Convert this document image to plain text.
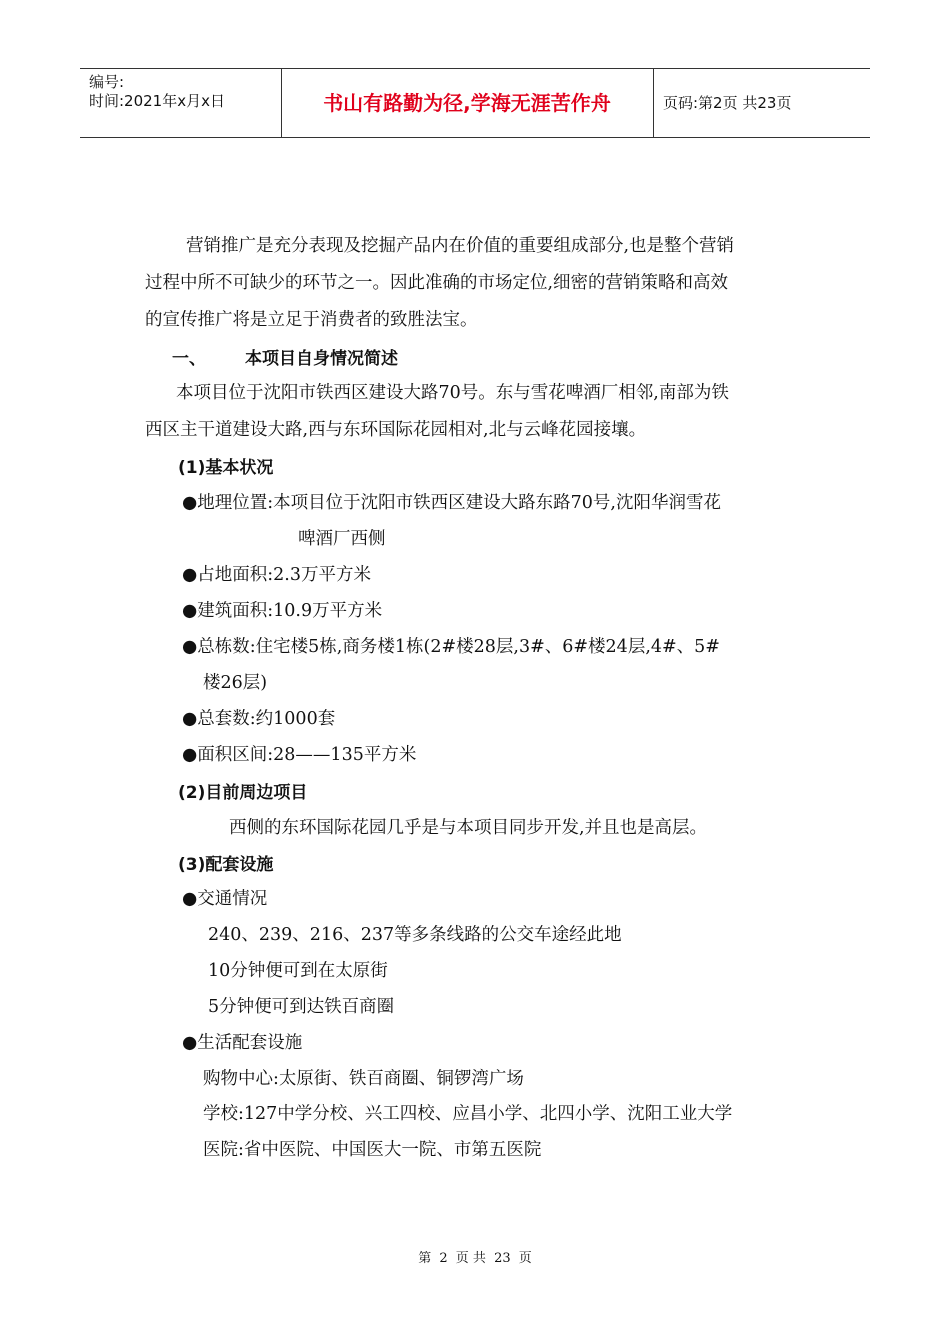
编号:
时间:2021年x月x日	书山有路勤为径,学海无涯苦作舟	页码:第2页 共23页
营销推广是充分表现及挖掘产品内在价值的重要组成部分,也是整个营销
过程中所不可缺少的环节之一。因此准确的市场定位,细密的营销策略和高效
的宣传推广将是立足于消费者的致胜法宝。
一、 本项目自身情况简述
本项目位于沈阳市铁西区建设大路70号。东与雪花啤酒厂相邻,南部为铁
西区主干道建设大路,西与东环国际花园相对,北与云峰花园接壤。
(1)基本状况
●地理位置:本项目位于沈阳市铁西区建设大路东路70号,沈阳华润雪花
啤酒厂西侧
●占地面积:2.3万平方米
●建筑面积:10.9万平方米
●总栋数:住宅楼5栋,商务楼1栋(2#楼28层,3#、6#楼24层,4#、5#
楼26层)
●总套数:约1000套
●面积区间:28——135平方米
(2)目前周边项目
西侧的东环国际花园几乎是与本项目同步开发,并且也是高层。
(3)配套设施
●交通情况
240、239、216、237等多条线路的公交车途经此地
10分钟便可到在太原街
5分钟便可到达铁百商圈
●生活配套设施
购物中心:太原街、铁百商圈、铜锣湾广场
学校:127中学分校、兴工四校、应昌小学、北四小学、沈阳工业大学
医院:省中医院、中国医大一院、市第五医院
第 2 页 共 23 页
